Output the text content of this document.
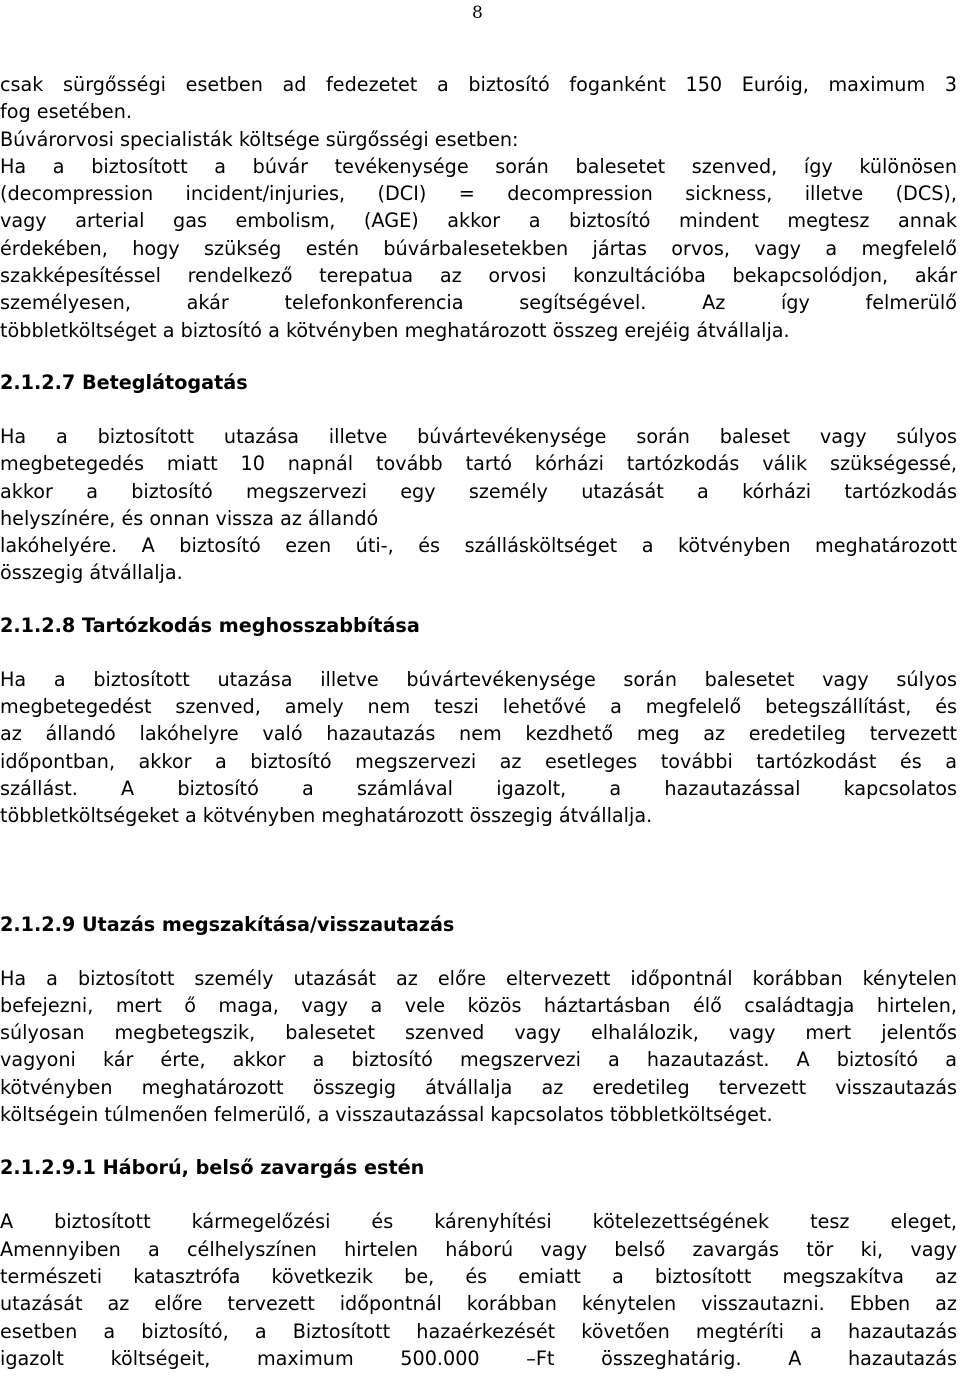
8
csak sürgősségi esetben ad fedezetet a biztosító foganként 150 Euróig, maximum 3
fog esetében.
Búvárorvosi specialisták költsége sürgősségi esetben:
Ha a biztosított a búvár tevékenysége során balesetet szenved, így különösen
(decompression incident/injuries, (DCI) = decompression sickness, illetve (DCS),
vagy arterial gas embolism, (AGE) akkor a biztosító mindent megtesz annak
érdekében, hogy szükség estén búvárbalesetekben jártas orvos, vagy a megfelelő
szakképesítéssel rendelkező terepatua az orvosi konzultációba bekapcsolódjon, akár
személyesen, akár telefonkonferencia segítségével. Az így felmerülő
többletköltséget a biztosító a kötvényben meghatározott összeg erejéig átvállalja.
2.1.2.7 Beteglátogatás
Ha a biztosított utazása illetve búvártevékenysége során baleset vagy súlyos
megbetegedés miatt 10 napnál tovább tartó kórházi tartózkodás válik szükségessé,
akkor a biztosító megszervezi egy személy utazását a kórházi tartózkodás
helyszínére, és onnan vissza az állandó
lakóhelyére. A biztosító ezen úti-, és szállásköltséget a kötvényben meghatározott
összegig átvállalja.
2.1.2.8 Tartózkodás meghosszabbítása
Ha a biztosított utazása illetve búvártevékenysége során balesetet vagy súlyos
megbetegedést szenved, amely nem teszi lehetővé a megfelelő betegszállítást, és
az állandó lakóhelyre való hazautazás nem kezdhető meg az eredetileg tervezett
időpontban, akkor a biztosító megszervezi az esetleges további tartózkodást és a
szállást. A biztosító a számlával igazolt, a hazautazással kapcsolatos
többletköltségeket a kötvényben meghatározott összegig átvállalja.
2.1.2.9 Utazás megszakítása/visszautazás
Ha a biztosított személy utazását az előre eltervezett időpontnál korábban kénytelen
befejezni, mert ő maga, vagy a vele közös háztartásban élő családtagja hirtelen,
súlyosan megbetegszik, balesetet szenved vagy elhalálozik, vagy mert jelentős
vagyoni kár érte, akkor a biztosító megszervezi a hazautazást. A biztosító a
kötvényben meghatározott összegig átvállalja az eredetileg tervezett visszautazás
költségein túlmenően felmerülő, a visszautazással kapcsolatos többletköltséget.
2.1.2.9.1 Háború, belső zavargás estén
A biztosított kármegelőzési és kárenyhítési kötelezettségének tesz eleget,
Amennyiben a célhelyszínen hirtelen háború vagy belső zavargás tör ki, vagy
természeti katasztrófa következik be, és emiatt a biztosított megszakítva az
utazását az előre tervezett időpontnál korábban kénytelen visszautazni. Ebben az
esetben a biztosító, a Biztosított hazaérkezését követően megtéríti a hazautazás
igazolt költségeit, maximum 500.000 –Ft összeghatárig. A hazautazás
